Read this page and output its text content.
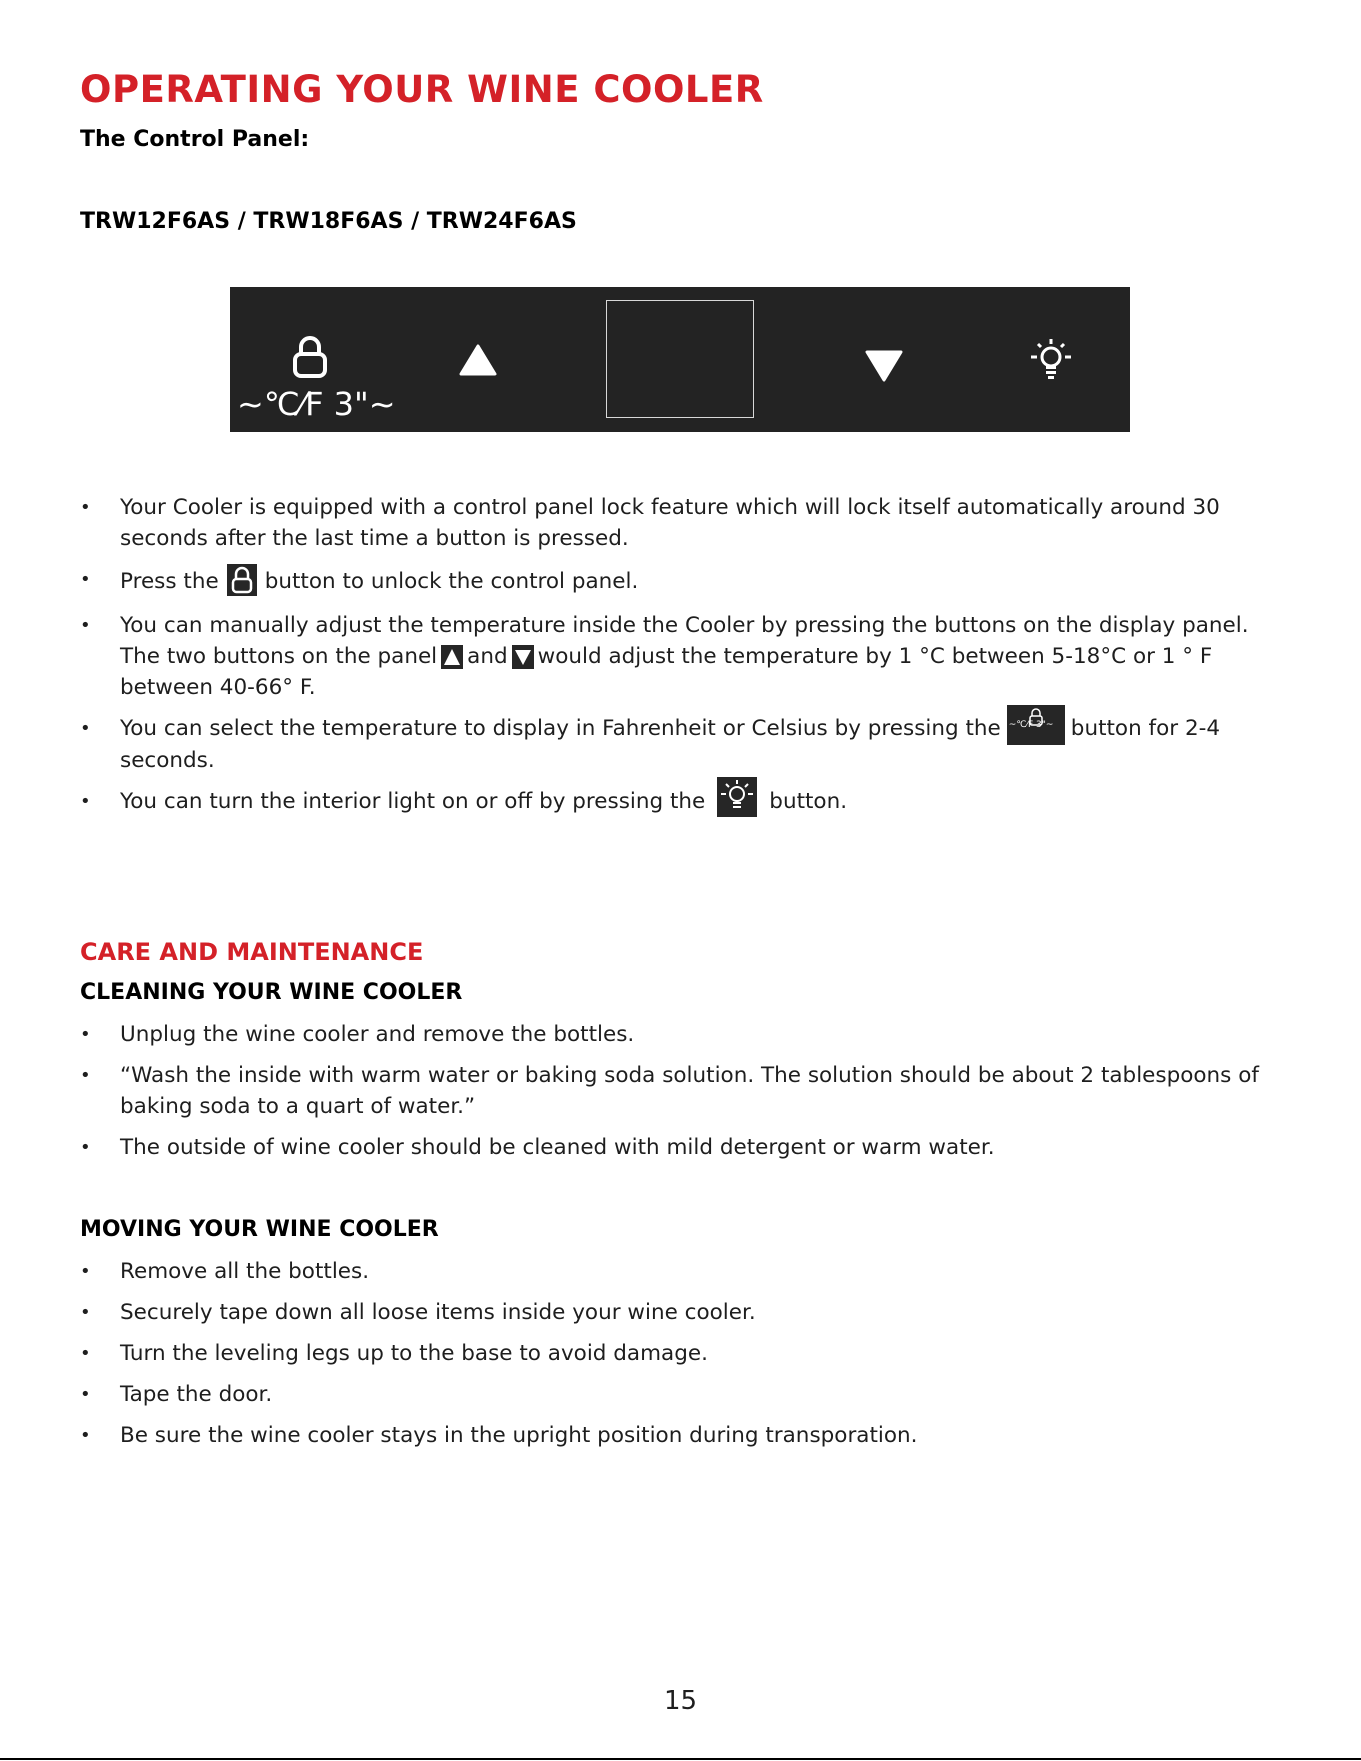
OPERATING YOUR WINE COOLER
The Control Panel:
TRW12F6AS / TRW18F6AS / TRW24F6AS
~℃⁄F 3"~
• Your Cooler is equipped with a control panel lock feature which will lock itself automatically around 30 seconds after the last time a button is pressed.
• Press the button to unlock the control panel.
• You can manually adjust the temperature inside the Cooler by pressing the buttons on the display panel. The two buttons on the panel and would adjust the temperature by 1 °C between 5-18°C or 1 ° F between 40-66° F.
• You can select the temperature to display in Fahrenheit or Celsius by pressing the ~℃⁄F 3"~ button for 2-4 seconds.
• You can turn the interior light on or off by pressing the	button.
CARE AND MAINTENANCE
CLEANING YOUR WINE COOLER
• Unplug the wine cooler and remove the bottles.
• “Wash the inside with warm water or baking soda solution. The solution should be about 2 tablespoons of baking soda to a quart of water.”
• The outside of wine cooler should be cleaned with mild detergent or warm water.
MOVING YOUR WINE COOLER
• Remove all the bottles.
• Securely tape down all loose items inside your wine cooler.
• Turn the leveling legs up to the base to avoid damage.
• Tape the door.
• Be sure the wine cooler stays in the upright position during transporation.
15
